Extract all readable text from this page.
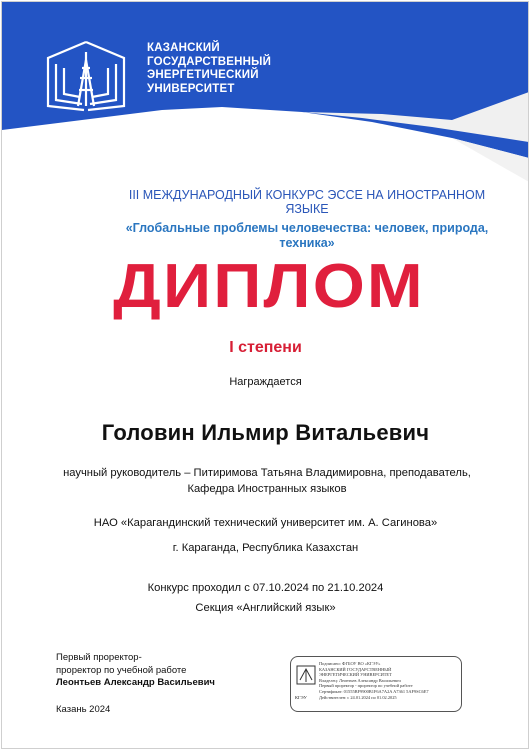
КАЗАНСКИЙ
ГОСУДАРСТВЕННЫЙ
ЭНЕРГЕТИЧЕСКИЙ
УНИВЕРСИТЕТ
III МЕЖДУНАРОДНЫЙ КОНКУРС ЭССЕ НА ИНОСТРАННОМ ЯЗЫКЕ
«Глобальные проблемы человечества: человек, природа, техника»
ДИПЛОМ
I степени
Награждается
Головин Ильмир Витальевич
научный руководитель – Питиримова Татьяна Владимировна, преподаватель, Кафедра Иностранных языков
НАО «Карагандинский технический университет им. А. Сагинова»
г. Караганда, Республика Казахстан
Конкурс проходил с 07.10.2024 по 21.10.2024
Секция «Английский язык»
Первый проректор-
проректор по учебной работе
Леонтьев Александр Васильевич
Казань 2024
КГЭУ
Подписано: ФГБОУ ВО «КГЭУ»
КАЗАНСКИЙ ГОСУДАРСТВЕННЫЙ
ЭНЕРГЕТИЧЕСКИЙ УНИВЕРСИТЕТ
Владелец: Леонтьев Александр Васильевич
Первый проректор - проректор по учебной работе
Сертификат: 01555BF9900B1F6A7A2A A7361 5AF9SC6E7
Действителен: с 24.01.2024 по 01.02.2025
